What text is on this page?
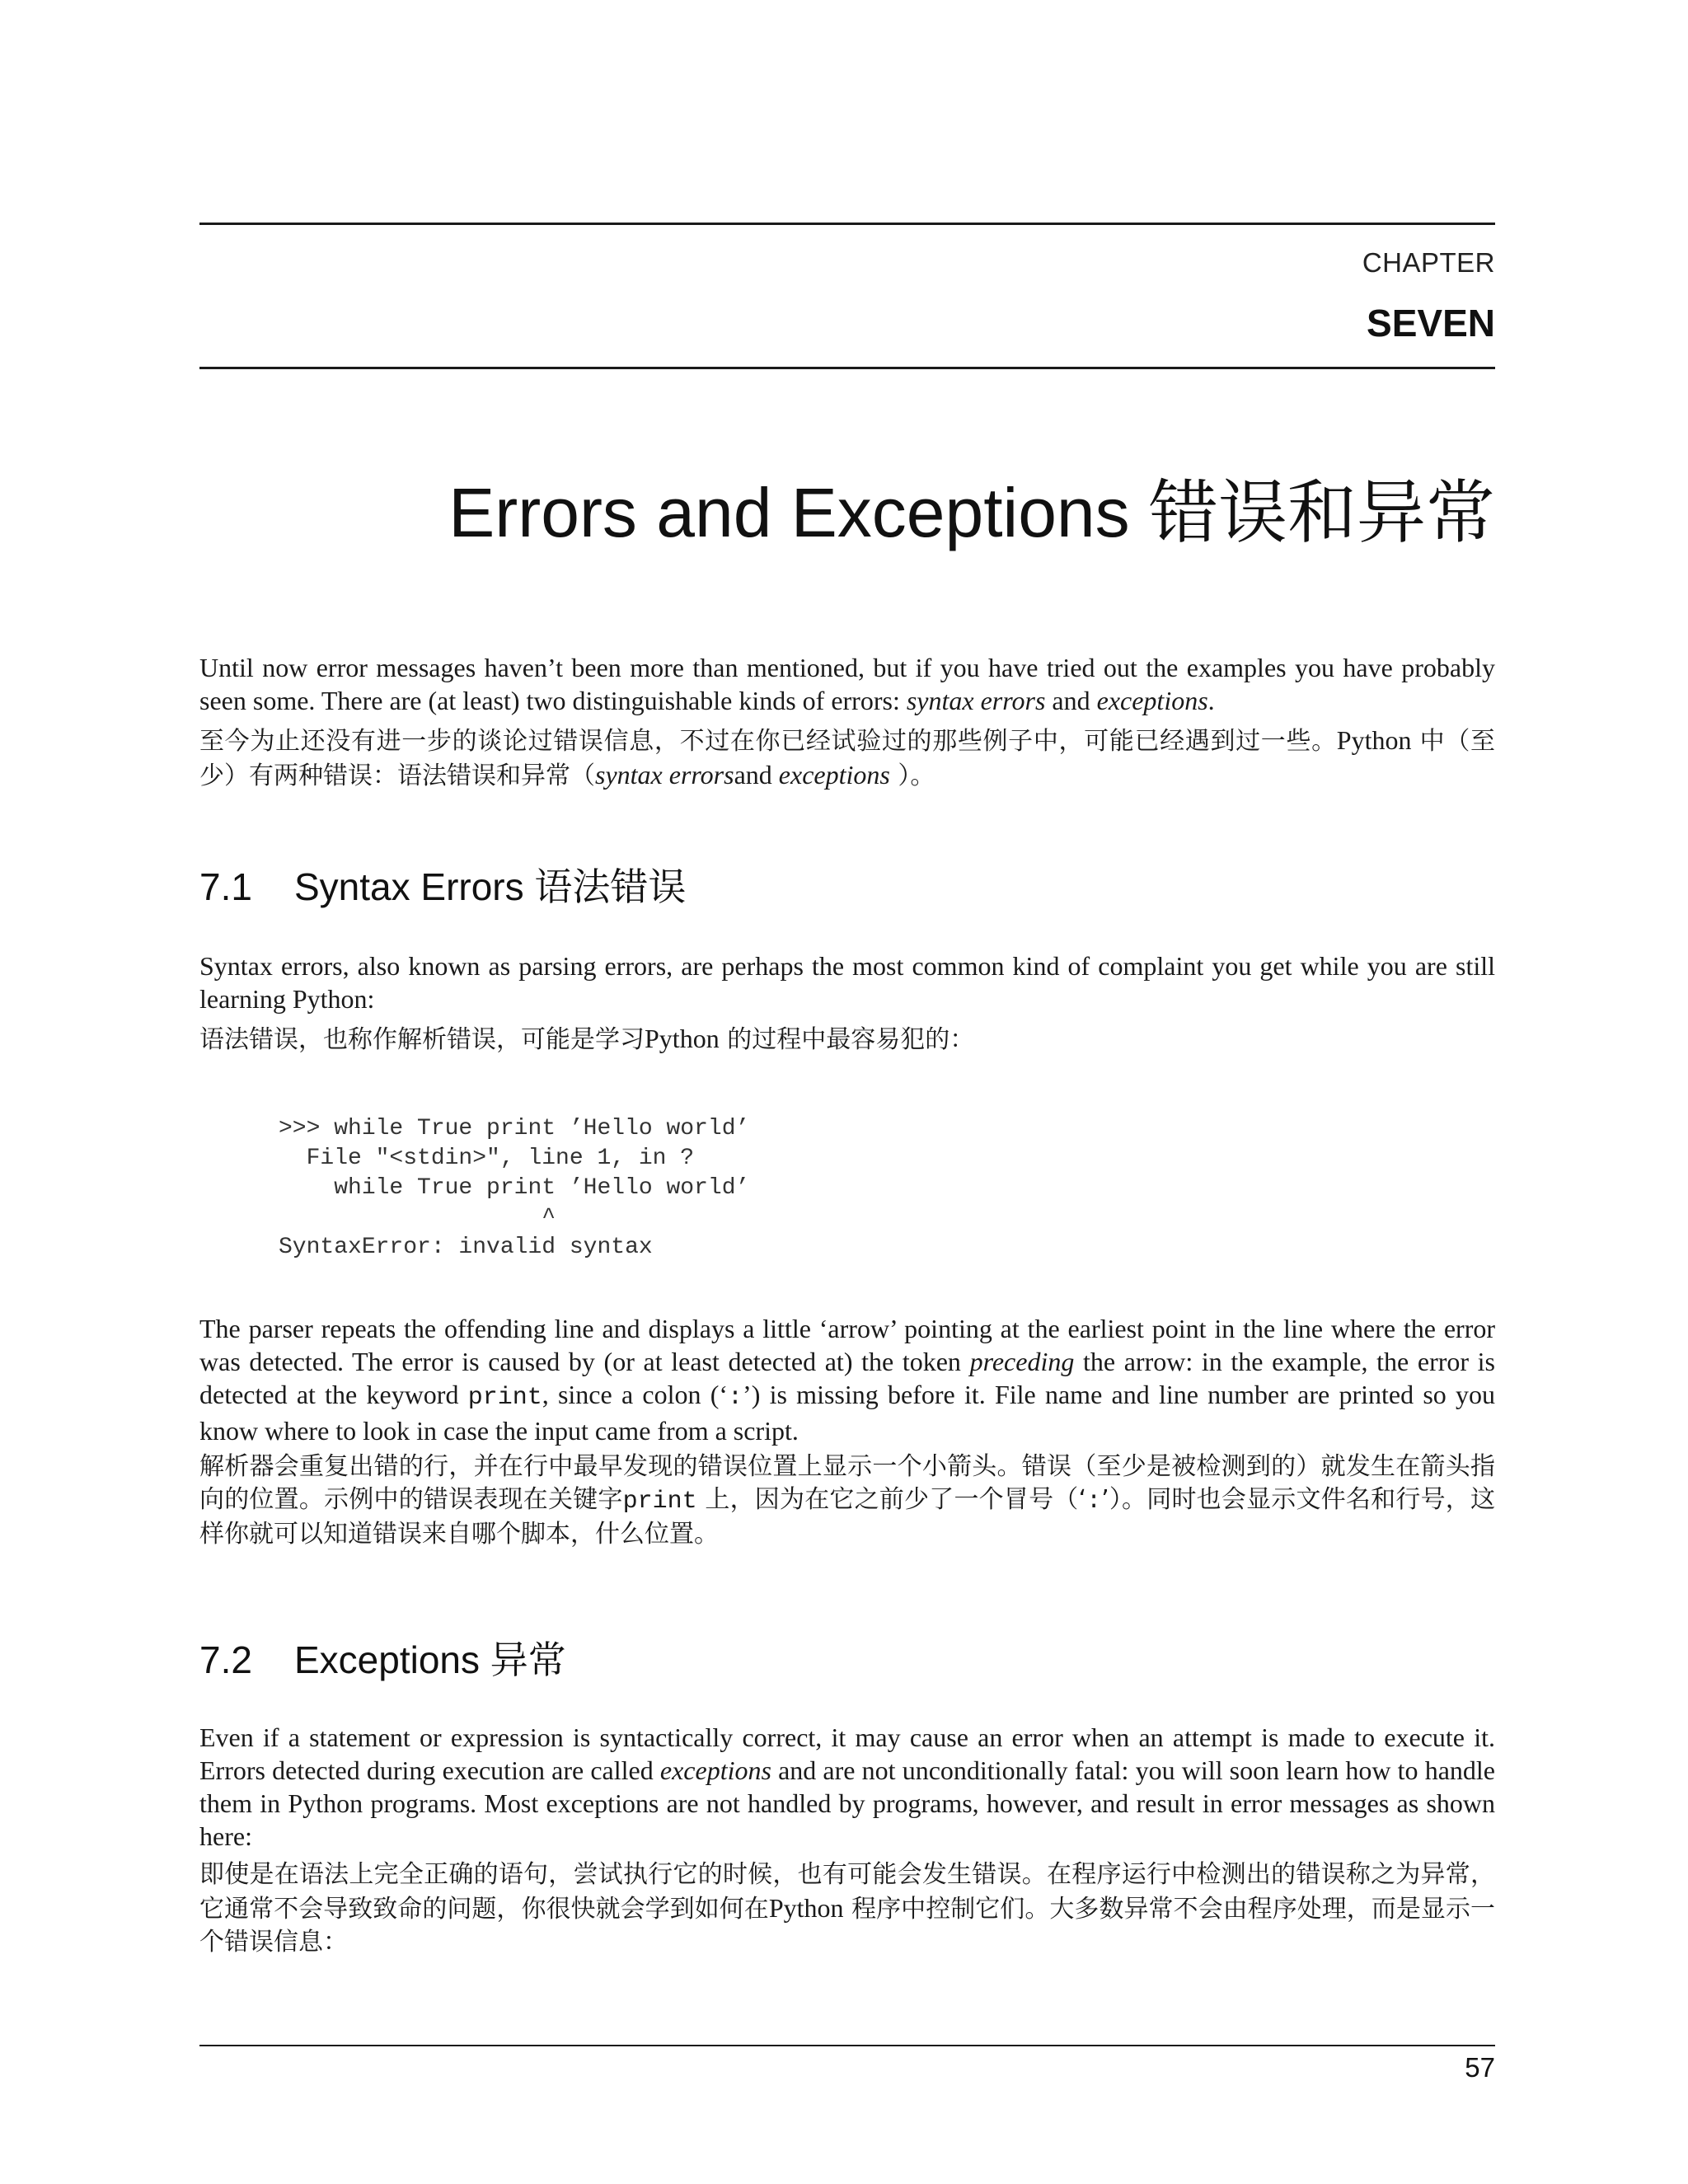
CHAPTER
SEVEN
Errors and Exceptions 错误和异常

Until now error messages haven’t been more than mentioned, but if you have tried out the examples you have probably seen some. There are (at least) two distinguishable kinds of errors: syntax errors and exceptions.

至今为止还没有进一步的谈论过错误信息，不过在你已经试验过的那些例子中，可能已经遇到过一些。Python 中（至少）有两种错误：语法错误和异常（syntax errorsand exceptions ）。

7.1 Syntax Errors 语法错误

Syntax errors, also known as parsing errors, are perhaps the most common kind of complaint you get while you are still learning Python:

语法错误，也称作解析错误，可能是学习Python 的过程中最容易犯的：

>>> while True print ’Hello world’
File "<stdin>", line 1, in ?
while True print ’Hello world’
^
SyntaxError: invalid syntax

The parser repeats the offending line and displays a little ‘arrow’ pointing at the earliest point in the line where the error was detected. The error is caused by (or at least detected at) the token preceding the arrow: in the example, the error is detected at the keyword print, since a colon (‘:’) is missing before it. File name and line number are printed so you know where to look in case the input came from a script.

解析器会重复出错的行，并在行中最早发现的错误位置上显示一个小箭头。错误（至少是被检测到的）就发生在箭头指向的位置。示例中的错误表现在关键字print 上，因为在它之前少了一个冒号（‘:’）。同时也会显示文件名和行号，这样你就可以知道错误来自哪个脚本，什么位置。

7.2 Exceptions 异常

Even if a statement or expression is syntactically correct, it may cause an error when an attempt is made to execute it. Errors detected during execution are called exceptions and are not unconditionally fatal: you will soon learn how to handle them in Python programs. Most exceptions are not handled by programs, however, and result in error messages as shown here:

即使是在语法上完全正确的语句，尝试执行它的时候，也有可能会发生错误。在程序运行中检测出的错误称之为异常，它通常不会导致致命的问题，你很快就会学到如何在Python 程序中控制它们。大多数异常不会由程序处理，而是显示一个错误信息：

57
